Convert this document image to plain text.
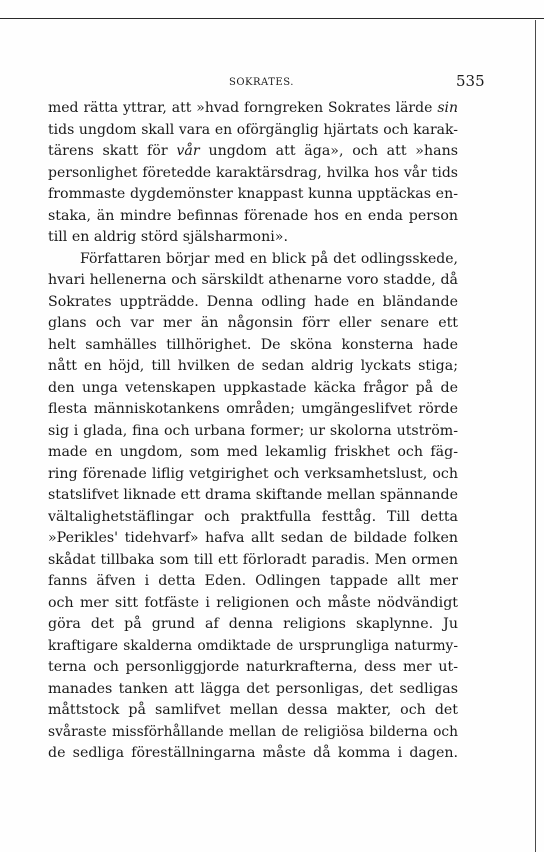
SOKRATES.	535
med rätta yttrar, att »hvad forngreken Sokrates lärde sin
tids ungdom skall vara en oförgänglig hjärtats och karak-
tärens skatt för vår ungdom att äga», och att »hans
personlighet företedde karaktärsdrag, hvilka hos vår tids
frommaste dygdemönster knappast kunna upptäckas en-
staka, än mindre befinnas förenade hos en enda person
till en aldrig störd själsharmoni».
Författaren börjar med en blick på det odlingsskede,
hvari hellenerna och särskildt athenarne voro stadde, då
Sokrates uppträdde. Denna odling hade en bländande
glans och var mer än någonsin förr eller senare ett
helt samhälles tillhörighet. De sköna konsterna hade
nått en höjd, till hvilken de sedan aldrig lyckats stiga;
den unga vetenskapen uppkastade käcka frågor på de
flesta människotankens områden; umgängeslifvet rörde
sig i glada, fina och urbana former; ur skolorna utström-
made en ungdom, som med lekamlig friskhet och fäg-
ring förenade liflig vetgirighet och verksamhetslust, och
statslifvet liknade ett drama skiftande mellan spännande
vältalighetstäflingar och praktfulla festtåg. Till detta
»Perikles' tidehvarf» hafva allt sedan de bildade folken
skådat tillbaka som till ett förloradt paradis. Men ormen
fanns äfven i detta Eden. Odlingen tappade allt mer
och mer sitt fotfäste i religionen och måste nödvändigt
göra det på grund af denna religions skaplynne. Ju
kraftigare skalderna omdiktade de ursprungliga naturmy-
terna och personliggjorde naturkrafterna, dess mer ut-
manades tanken att lägga det personligas, det sedligas
måttstock på samlifvet mellan dessa makter, och det
svåraste missförhållande mellan de religiösa bilderna och
de sedliga föreställningarna måste då komma i dagen.
